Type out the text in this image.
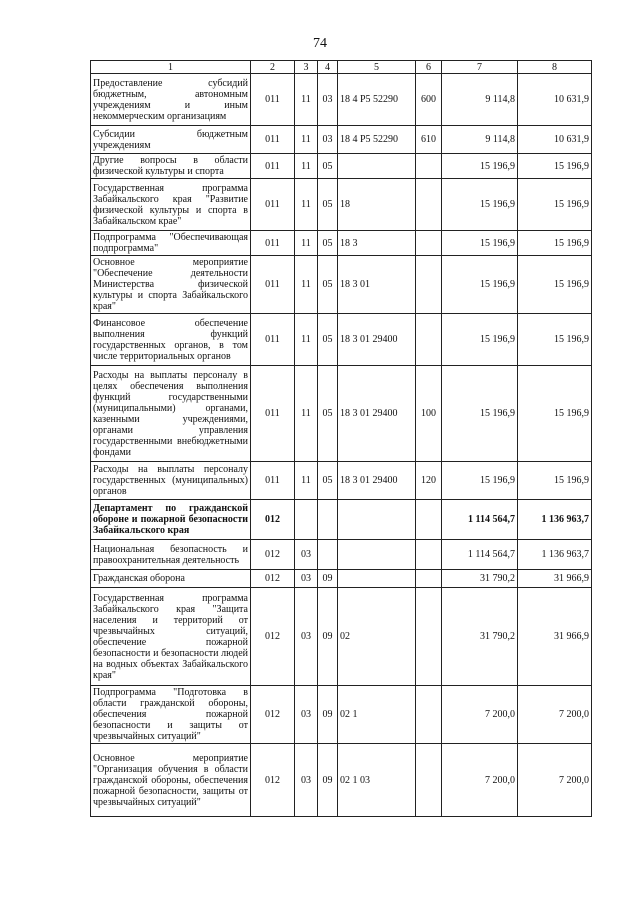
74
1	2	3	4	5	6	7	8
Предоставление субсидий бюджетным, автономным учреждениям и иным некоммерческим организациям	011	11	03	18 4 Р5 52290	600	9 114,8	10 631,9
Субсидии бюджетным учреждениям	011	11	03	18 4 Р5 52290	610	9 114,8	10 631,9
Другие вопросы в области физической культуры и спорта	011	11	05			15 196,9	15 196,9
Государственная программа Забайкальского края "Развитие физической культуры и спорта в Забайкальском крае"	011	11	05	18		15 196,9	15 196,9
Подпрограмма "Обеспечивающая подпрограмма"	011	11	05	18 3		15 196,9	15 196,9
Основное мероприятие "Обеспечение деятельности Министерства физической культуры и спорта Забайкальского края"	011	11	05	18 3 01		15 196,9	15 196,9
Финансовое обеспечение выполнения функций государственных органов, в том числе территориальных органов	011	11	05	18 3 01 29400		15 196,9	15 196,9
Расходы на выплаты персоналу в целях обеспечения выполнения функций государственными (муниципальными) органами, казенными учреждениями, органами управления государственными внебюджетными фондами	011	11	05	18 3 01 29400	100	15 196,9	15 196,9
Расходы на выплаты персоналу государственных (муниципальных) органов	011	11	05	18 3 01 29400	120	15 196,9	15 196,9
Департамент по гражданской обороне и пожарной безопасности Забайкальского края	012					1 114 564,7	1 136 963,7
Национальная безопасность и правоохранительная деятельность	012	03				1 114 564,7	1 136 963,7
Гражданская оборона	012	03	09			31 790,2	31 966,9
Государственная программа Забайкальского края "Защита населения и территорий от чрезвычайных ситуаций, обеспечение пожарной безопасности и безопасности людей на водных объектах Забайкальского края"	012	03	09	02		31 790,2	31 966,9
Подпрограмма "Подготовка в области гражданской обороны, обеспечения пожарной безопасности и защиты от чрезвычайных ситуаций"	012	03	09	02 1		7 200,0	7 200,0
Основное мероприятие "Организация обучения в области гражданской обороны, обеспечения пожарной безопасности, защиты от чрезвычайных ситуаций"	012	03	09	02 1 03		7 200,0	7 200,0
